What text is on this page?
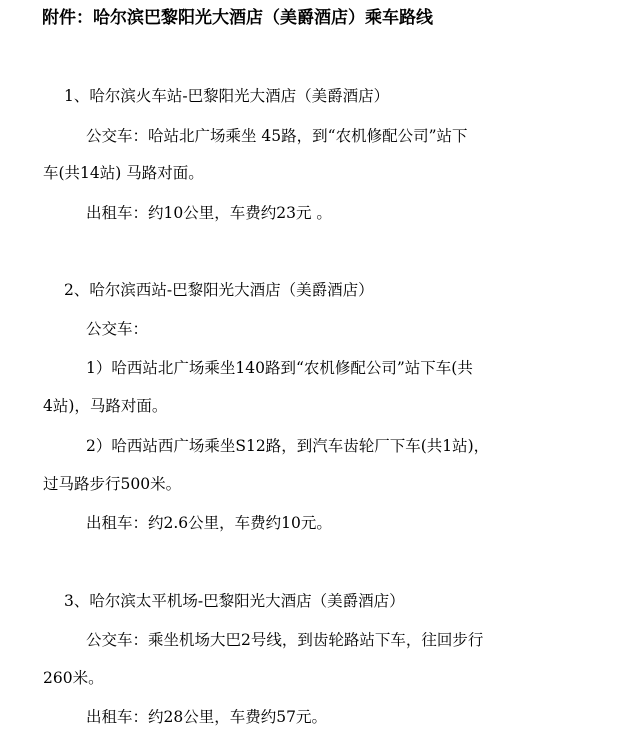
附件：哈尔滨巴黎阳光大酒店（美爵酒店）乘车路线
1、哈尔滨火车站-巴黎阳光大酒店（美爵酒店）
公交车：哈站北广场乘坐 45路，到“农机修配公司”站下
车(共14站) 马路对面。
出租车：约10公里，车费约23元 。
2、哈尔滨西站-巴黎阳光大酒店（美爵酒店）
公交车：
1）哈西站北广场乘坐140路到“农机修配公司”站下车(共
4站)，马路对面。
2）哈西站西广场乘坐S12路，到汽车齿轮厂下车(共1站)，
过马路步行500米。
出租车：约2.6公里，车费约10元。
3、哈尔滨太平机场-巴黎阳光大酒店（美爵酒店）
公交车：乘坐机场大巴2号线，到齿轮路站下车，往回步行
260米。
出租车：约28公里，车费约57元。
